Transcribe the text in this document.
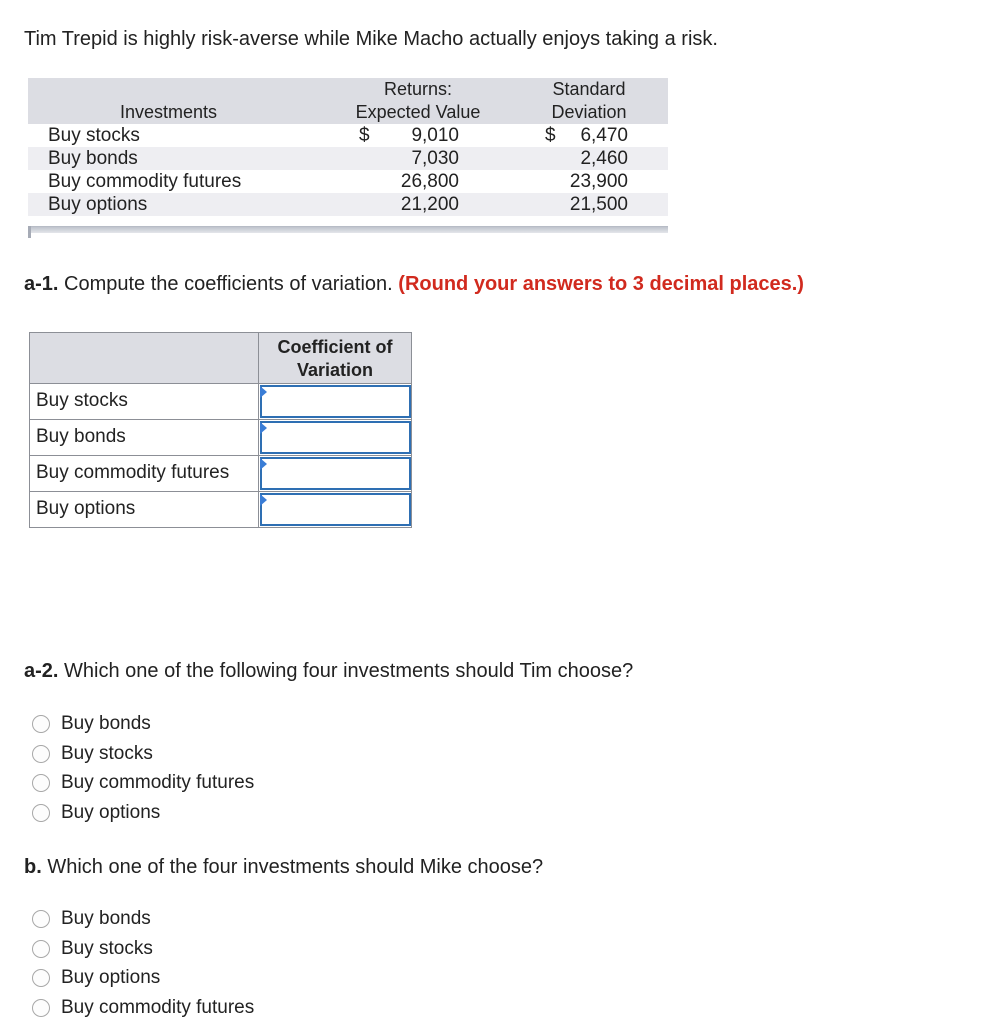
Tim Trepid is highly risk-averse while Mike Macho actually enjoys taking a risk.
Investments
Returns:
Expected Value
Standard
Deviation
Buy stocks	$	9,010	$	6,470
Buy bonds	7,030	2,460
Buy commodity futures	26,800	23,900
Buy options	21,200	21,500
a-1. Compute the coefficients of variation. (Round your answers to 3 decimal places.)
Coefficient of
Variation
Buy stocks
Buy bonds
Buy commodity futures
Buy options
a-2. Which one of the following four investments should Tim choose?
Buy bonds
Buy stocks
Buy commodity futures
Buy options
b. Which one of the four investments should Mike choose?
Buy bonds
Buy stocks
Buy options
Buy commodity futures
